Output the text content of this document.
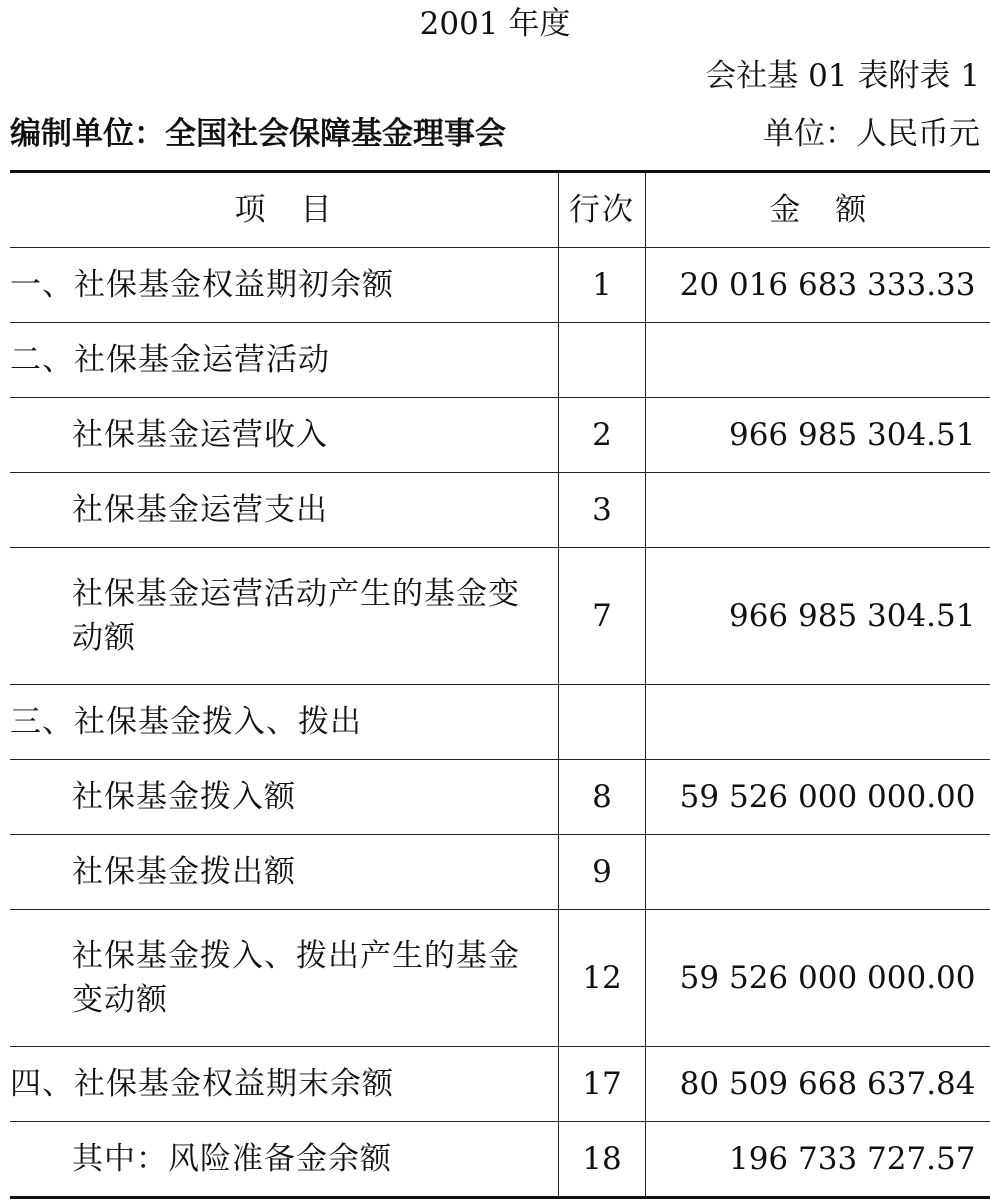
2001 年度
会社基 01 表附表 1
编制单位：全国社会保障基金理事会	单位：人民币元
项　目	行次	金　额
一、社保基金权益期初余额	1	20 016 683 333.33
二、社保基金运营活动		
社保基金运营收入	2	966 985 304.51
社保基金运营支出	3	
社保基金运营活动产生的基金变动额	7	966 985 304.51
三、社保基金拨入、拨出		
社保基金拨入额	8	59 526 000 000.00
社保基金拨出额	9	
社保基金拨入、拨出产生的基金变动额	12	59 526 000 000.00
四、社保基金权益期末余额	17	80 509 668 637.84
其中：风险准备金余额	18	196 733 727.57
